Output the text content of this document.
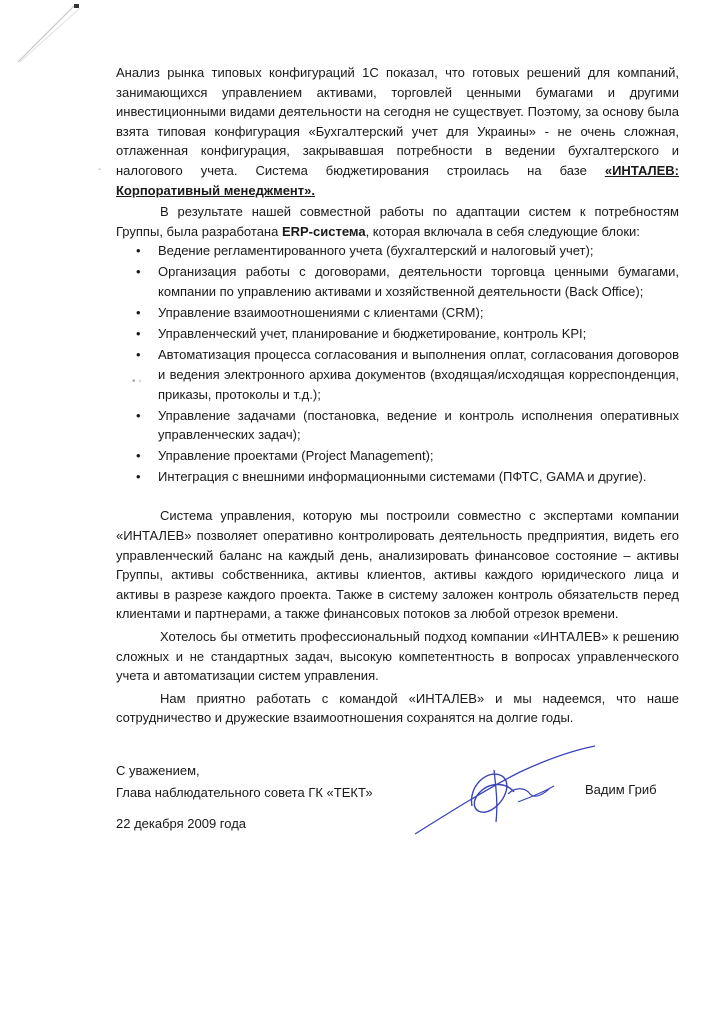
-
• ◦

Анализ рынка типовых конфигураций 1С показал, что готовых решений для компаний, занимающихся управлением активами, торговлей ценными бумагами и другими инвестиционными видами деятельности на сегодня не существует. Поэтому, за основу была взята типовая конфигурация «Бухгалтерский учет для Украины» - не очень сложная, отлаженная конфигурация, закрывавшая потребности в ведении бухгалтерского и налогового учета. Система бюджетирования строилась на базе «ИНТАЛЕВ: Корпоративный менеджмент».

В результате нашей совместной работы по адаптации систем к потребностям Группы, была разработана ERP-система, которая включала в себя следующие блоки:

• Ведение регламентированного учета (бухгалтерский и налоговый учет);
• Организация работы с договорами, деятельности торговца ценными бумагами, компании по управлению активами и хозяйственной деятельности (Back Office);
• Управление взаимоотношениями с клиентами (CRM);
• Управленческий учет, планирование и бюджетирование, контроль KPI;
• Автоматизация процесса согласования и выполнения оплат, согласования договоров и ведения электронного архива документов (входящая/исходящая корреспонденция, приказы, протоколы и т.д.);
• Управление задачами (постановка, ведение и контроль исполнения оперативных управленческих задач);
• Управление проектами (Project Management);
• Интеграция с внешними информационными системами (ПФТС, GAMA и другие).

Система управления, которую мы построили совместно с экспертами компании «ИНТАЛЕВ» позволяет оперативно контролировать деятельность предприятия, видеть его управленческий баланс на каждый день, анализировать финансовое состояние – активы Группы, активы собственника, активы клиентов, активы каждого юридического лица и активы в разрезе каждого проекта. Также в систему заложен контроль обязательств перед клиентами и партнерами, а также финансовых потоков за любой отрезок времени.

Хотелось бы отметить профессиональный подход компании «ИНТАЛЕВ» к решению сложных и не стандартных задач, высокую компетентность в вопросах управленческого учета и автоматизации систем управления.

Нам приятно работать с командой «ИНТАЛЕВ» и мы надеемся, что наше сотрудничество и дружеские взаимоотношения сохранятся на долгие годы.

С уважением,
Глава наблюдательного совета ГК «ТЕКТ»	Вадим Гриб
22 декабря 2009 года
